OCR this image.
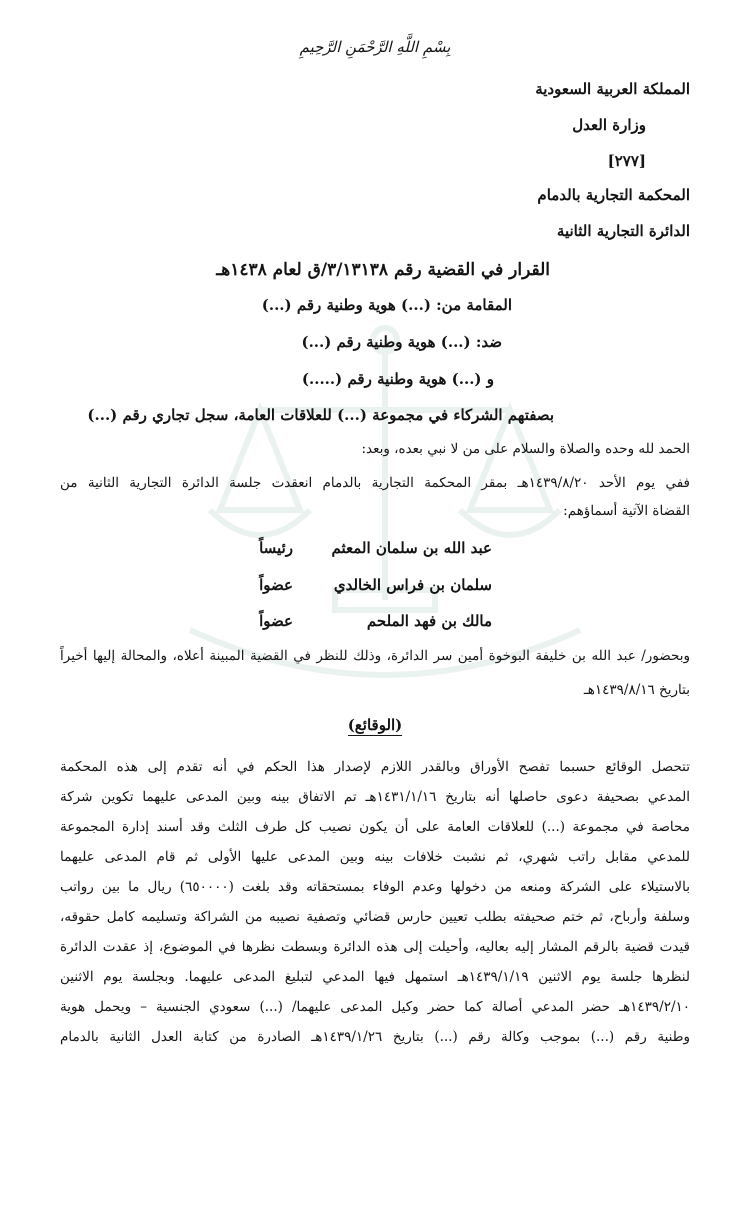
بِسْمِ اللَّهِ الرَّحْمَنِ الرَّحِيمِ
المملكة العربية السعودية
وزارة العدل
[٢٧٧]
المحكمة التجارية بالدمام
الدائرة التجارية الثانية
القرار في القضية رقم ٣/١٣١٣٨/ق لعام ١٤٣٨هـ
المقامة من: (...) هوية وطنية رقم (...)
ضد: (...) هوية وطنية رقم (...)
و (...) هوية وطنية رقم (.....)
بصفتهم الشركاء في مجموعة (...) للعلاقات العامة، سجل تجاري رقم (...)
الحمد لله وحده والصلاة والسلام على من لا نبي بعده، وبعد:
ففي يوم الأحد ١٤٣٩/٨/٢٠هـ بمقر المحكمة التجارية بالدمام انعقدت جلسة الدائرة التجارية الثانية من
القضاة الآتية أسماؤهم:
عبد الله بن سلمان المعثم
رئيساً
سلمان بن فراس الخالدي
عضواً
مالك بن فهد الملحم
عضواً
وبحضور/ عبد الله بن خليفة البوخوة أمين سر الدائرة، وذلك للنظر في القضية المبينة أعلاه، والمحالة إليها أخيراً
بتاريخ ١٤٣٩/٨/١٦هـ
(الوقائع)
تتحصل الوقائع حسبما تفصح الأوراق وبالقدر اللازم لإصدار هذا الحكم في أنه تقدم إلى هذه المحكمة
المدعي بصحيفة دعوى حاصلها أنه بتاريخ ١٤٣١/١/١٦هـ تم الاتفاق بينه وبين المدعى عليهما تكوين شركة
محاصة في مجموعة (...) للعلاقات العامة على أن يكون نصيب كل طرف الثلث وقد أسند إدارة المجموعة
للمدعي مقابل راتب شهري، ثم نشبت خلافات بينه وبين المدعى عليها الأولى ثم قام المدعى عليهما
بالاستيلاء على الشركة ومنعه من دخولها وعدم الوفاء بمستحقاته وقد بلغت (٦٥٠٠٠٠) ريال ما بين رواتب
وسلفة وأرباح، ثم ختم صحيفته بطلب تعيين حارس قضائي وتصفية نصيبه من الشراكة وتسليمه كامل حقوقه،
قيدت قضية بالرقم المشار إليه بعاليه، وأحيلت إلى هذه الدائرة وبسطت نظرها في الموضوع، إذ عقدت الدائرة
لنظرها جلسة يوم الاثنين ١٤٣٩/١/١٩هـ استمهل فيها المدعي لتبليغ المدعى عليهما. وبجلسة يوم الاثنين
١٤٣٩/٢/١٠هـ حضر المدعي أصالة كما حضر وكيل المدعى عليهما/ (...) سعودي الجنسية – ويحمل هوية
وطنية رقم (...) بموجب وكالة رقم (...) بتاريخ ١٤٣٩/١/٢٦هـ الصادرة من كتابة العدل الثانية بالدمام
